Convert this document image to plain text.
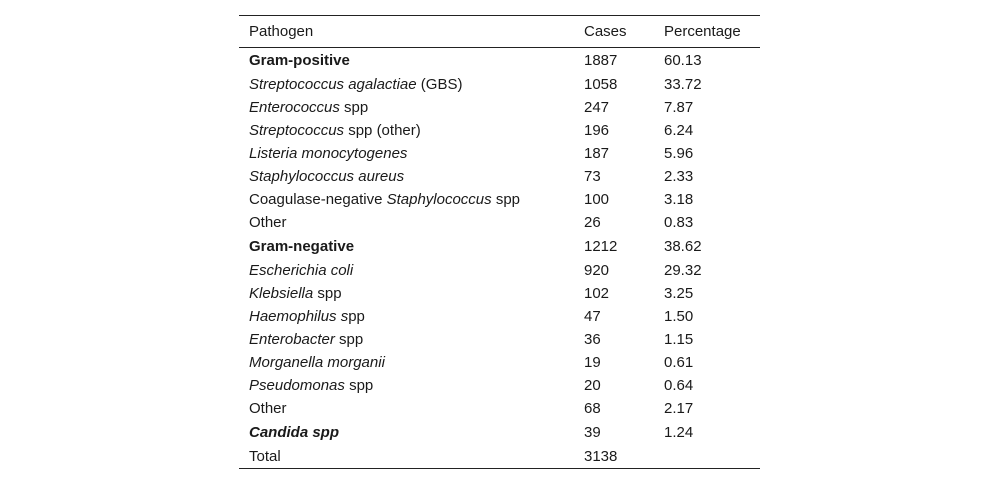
Pathogen	Cases	Percentage
Gram-positive	1887	60.13
Streptococcus agalactiae (GBS)	1058	33.72
Enterococcus spp	247	7.87
Streptococcus spp (other)	196	6.24
Listeria monocytogenes	187	5.96
Staphylococcus aureus	73	2.33
Coagulase-negative Staphylococcus spp	100	3.18
Other	26	0.83
Gram-negative	1212	38.62
Escherichia coli	920	29.32
Klebsiella spp	102	3.25
Haemophilus spp	47	1.50
Enterobacter spp	36	1.15
Morganella morganii	19	0.61
Pseudomonas spp	20	0.64
Other	68	2.17
Candida spp	39	1.24
Total	3138	
